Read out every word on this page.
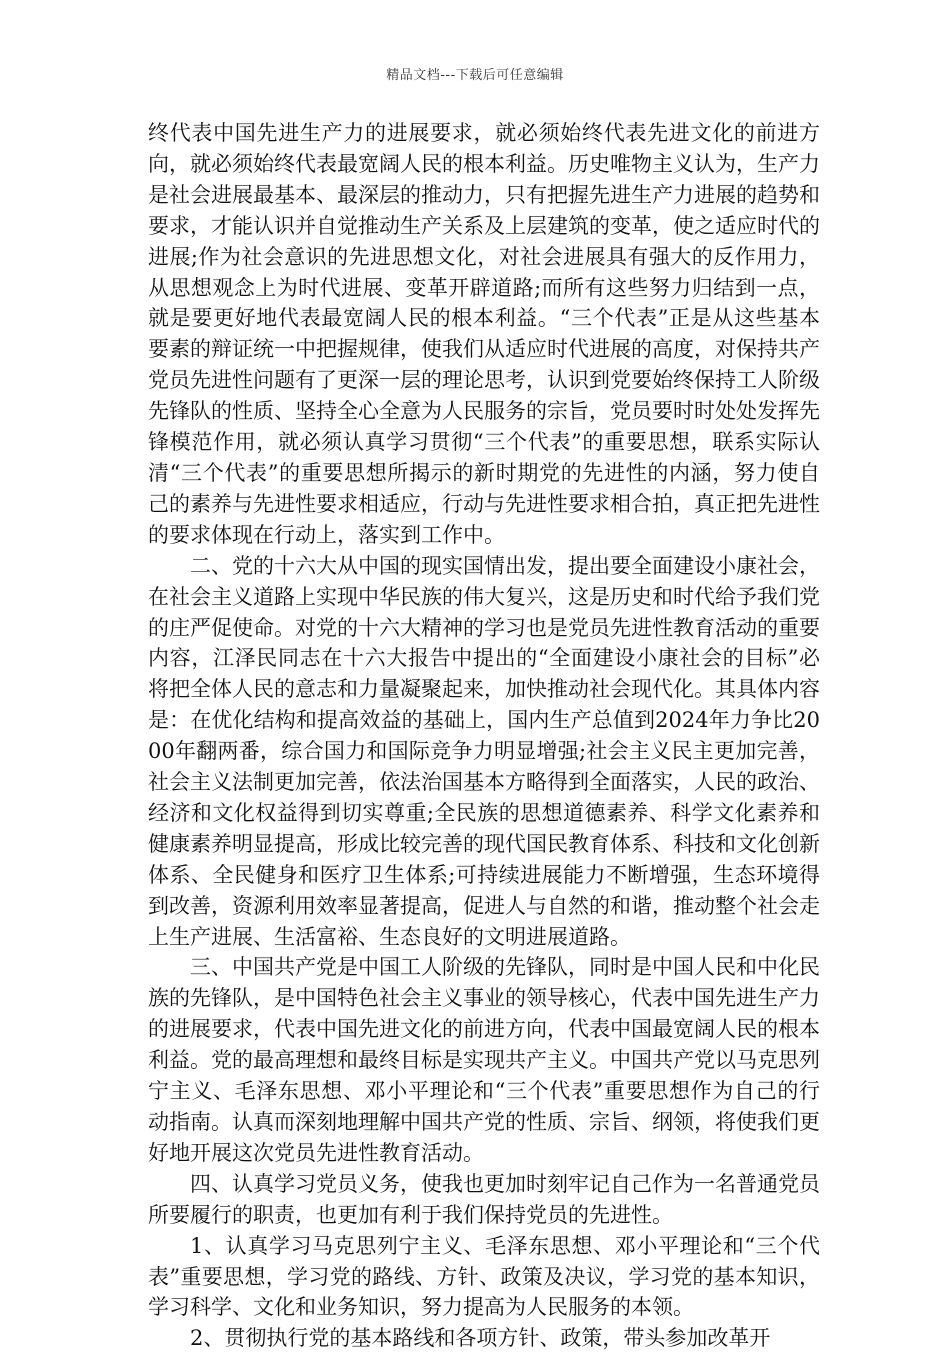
精品文档---下载后可任意编辑

终代表中国先进生产力的进展要求，就必须始终代表先进文化的前进方向，就必须始终代表最宽阔人民的根本利益。历史唯物主义认为，生产力是社会进展最基本、最深层的推动力，只有把握先进生产力进展的趋势和要求，才能认识并自觉推动生产关系及上层建筑的变革，使之适应时代的进展;作为社会意识的先进思想文化，对社会进展具有强大的反作用力，从思想观念上为时代进展、变革开辟道路;而所有这些努力归结到一点，就是要更好地代表最宽阔人民的根本利益。“三个代表”正是从这些基本要素的辩证统一中把握规律，使我们从适应时代进展的高度，对保持共产党员先进性问题有了更深一层的理论思考，认识到党要始终保持工人阶级先锋队的性质、坚持全心全意为人民服务的宗旨，党员要时时处处发挥先锋模范作用，就必须认真学习贯彻“三个代表”的重要思想，联系实际认清“三个代表”的重要思想所揭示的新时期党的先进性的内涵，努力使自己的素养与先进性要求相适应，行动与先进性要求相合拍，真正把先进性的要求体现在行动上，落实到工作中。

二、党的十六大从中国的现实国情出发，提出要全面建设小康社会，在社会主义道路上实现中华民族的伟大复兴，这是历史和时代给予我们党的庄严促使命。对党的十六大精神的学习也是党员先进性教育活动的重要内容，江泽民同志在十六大报告中提出的“全面建设小康社会的目标”必将把全体人民的意志和力量凝聚起来，加快推动社会现代化。其具体内容是：在优化结构和提高效益的基础上，国内生产总值到2024年力争比2000年翻两番，综合国力和国际竞争力明显增强;社会主义民主更加完善，社会主义法制更加完善，依法治国基本方略得到全面落实，人民的政治、经济和文化权益得到切实尊重;全民族的思想道德素养、科学文化素养和健康素养明显提高，形成比较完善的现代国民教育体系、科技和文化创新体系、全民健身和医疗卫生体系;可持续进展能力不断增强，生态环境得到改善，资源利用效率显著提高，促进人与自然的和谐，推动整个社会走上生产进展、生活富裕、生态良好的文明进展道路。

三、中国共产党是中国工人阶级的先锋队，同时是中国人民和中化民族的先锋队，是中国特色社会主义事业的领导核心，代表中国先进生产力的进展要求，代表中国先进文化的前进方向，代表中国最宽阔人民的根本利益。党的最高理想和最终目标是实现共产主义。中国共产党以马克思列宁主义、毛泽东思想、邓小平理论和“三个代表”重要思想作为自己的行动指南。认真而深刻地理解中国共产党的性质、宗旨、纲领，将使我们更好地开展这次党员先进性教育活动。

四、认真学习党员义务，使我也更加时刻牢记自己作为一名普通党员所要履行的职责，也更加有利于我们保持党员的先进性。

1、认真学习马克思列宁主义、毛泽东思想、邓小平理论和“三个代表”重要思想，学习党的路线、方针、政策及决议，学习党的基本知识，学习科学、文化和业务知识，努力提高为人民服务的本领。

2、贯彻执行党的基本路线和各项方针、政策，带头参加改革开
